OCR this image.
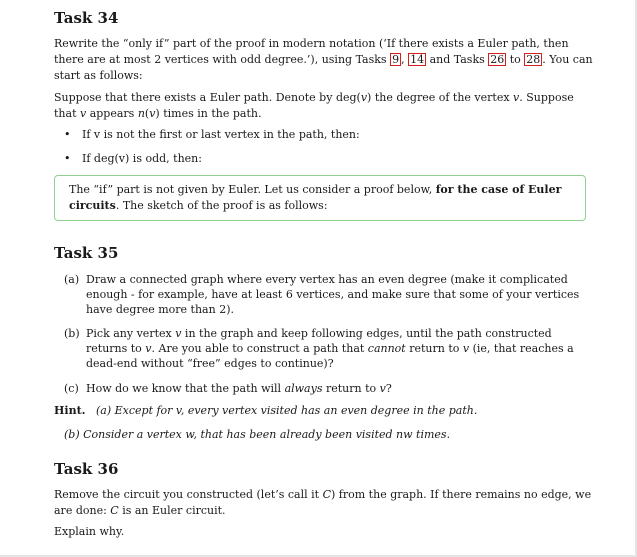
Task 34

Rewrite the “only if” part of the proof in modern notation (‘If there exists a Euler path, then there are at most 2 vertices with odd degree.’), using Tasks 9 , 14 and Tasks 26 to 28 . You can start as follows:

Suppose that there exists a Euler path. Denote by deg(v) the degree of the vertex v. Suppose that v appears n(v) times in the path.

• If v is not the first or last vertex in the path, then:
• If deg(v) is odd, then:

The “if” part is not given by Euler. Let us consider a proof below, for the case of Euler circuits. The sketch of the proof is as follows:

Task 35
(a) Draw a connected graph where every vertex has an even degree (make it complicated enough - for example, have at least 6 vertices, and make sure that some of your vertices have degree more than 2).
(b) Pick any vertex v in the graph and keep following edges, until the path constructed returns to v. Are you able to construct a path that cannot return to v (ie, that reaches a dead-end without “free” edges to continue)?
(c) How do we know that the path will always return to v?
Hint. (a) Except for v, every vertex visited has an even degree in the path.
(b) Consider a vertex w, that has been already been visited nw times.
Task 36

Remove the circuit you constructed (let’s call it C) from the graph. If there remains no edge, we are done: C is an Euler circuit.

Explain why.
